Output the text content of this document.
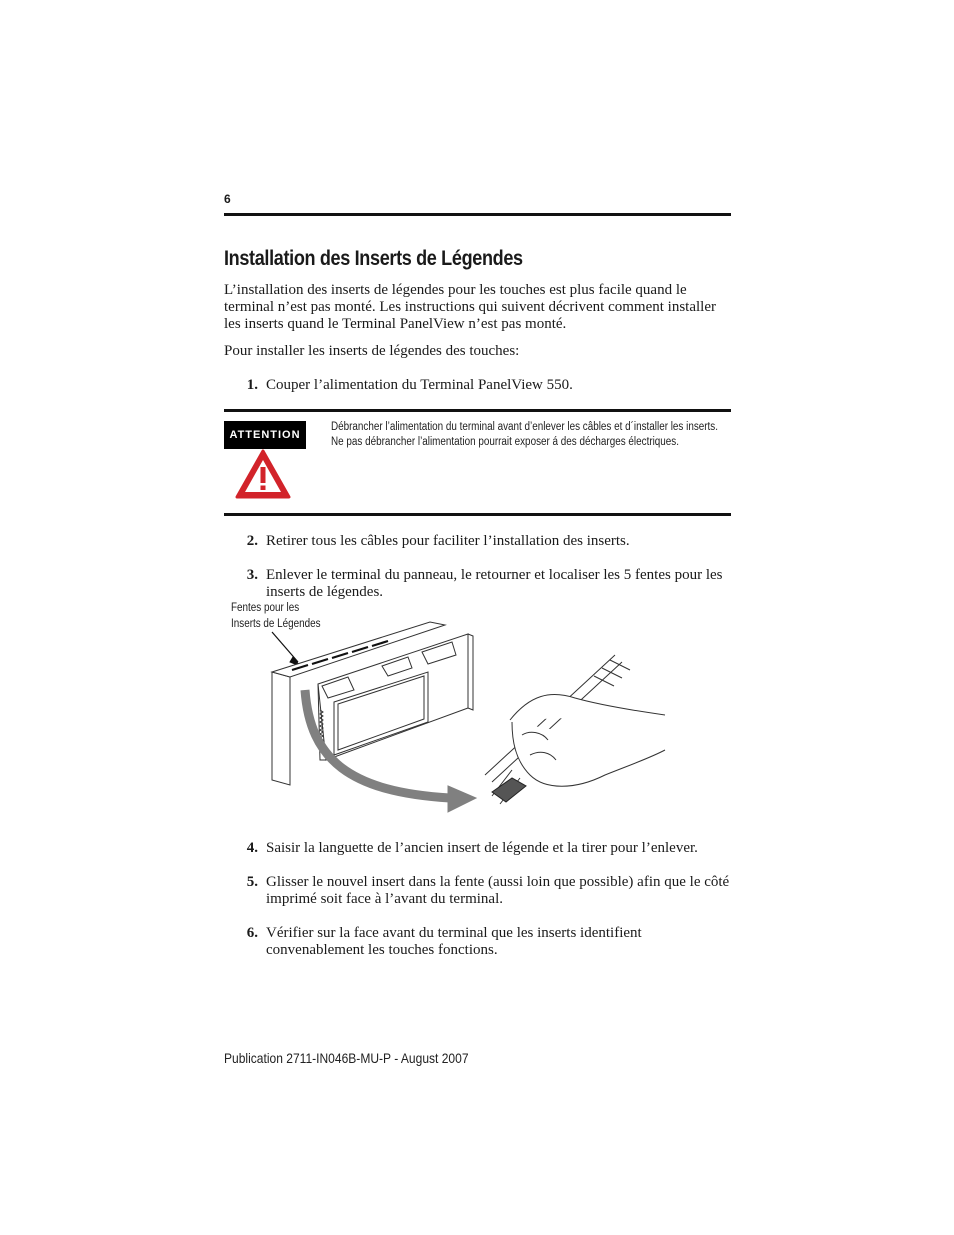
6
Installation des Inserts de Légendes
L’installation des inserts de légendes pour les touches est plus facile quand le terminal n’est pas monté. Les instructions qui suivent décrivent comment installer les inserts quand le Terminal PanelView n’est pas monté.
Pour installer les inserts de légendes des touches:
1. Couper l’alimentation du Terminal PanelView 550.
ATTENTION
Débrancher l’alimentation du terminal avant d’enlever les câbles et d´installer les inserts.
Ne pas débrancher l’alimentation pourrait exposer á des décharges électriques.
2. Retirer tous les câbles pour faciliter l’installation des inserts.
3. Enlever le terminal du panneau, le retourner et localiser les 5 fentes pour les inserts de légendes.
Fentes pour les
Inserts de Légendes
4. Saisir la languette de l’ancien insert de légende et la tirer pour l’enlever.
5. Glisser le nouvel insert dans la fente (aussi loin que possible) afin que le côté imprimé soit face à l’avant du terminal.
6. Vérifier sur la face avant du terminal que les inserts identifient convenablement les touches fonctions.
Publication 2711-IN046B-MU-P - August 2007
